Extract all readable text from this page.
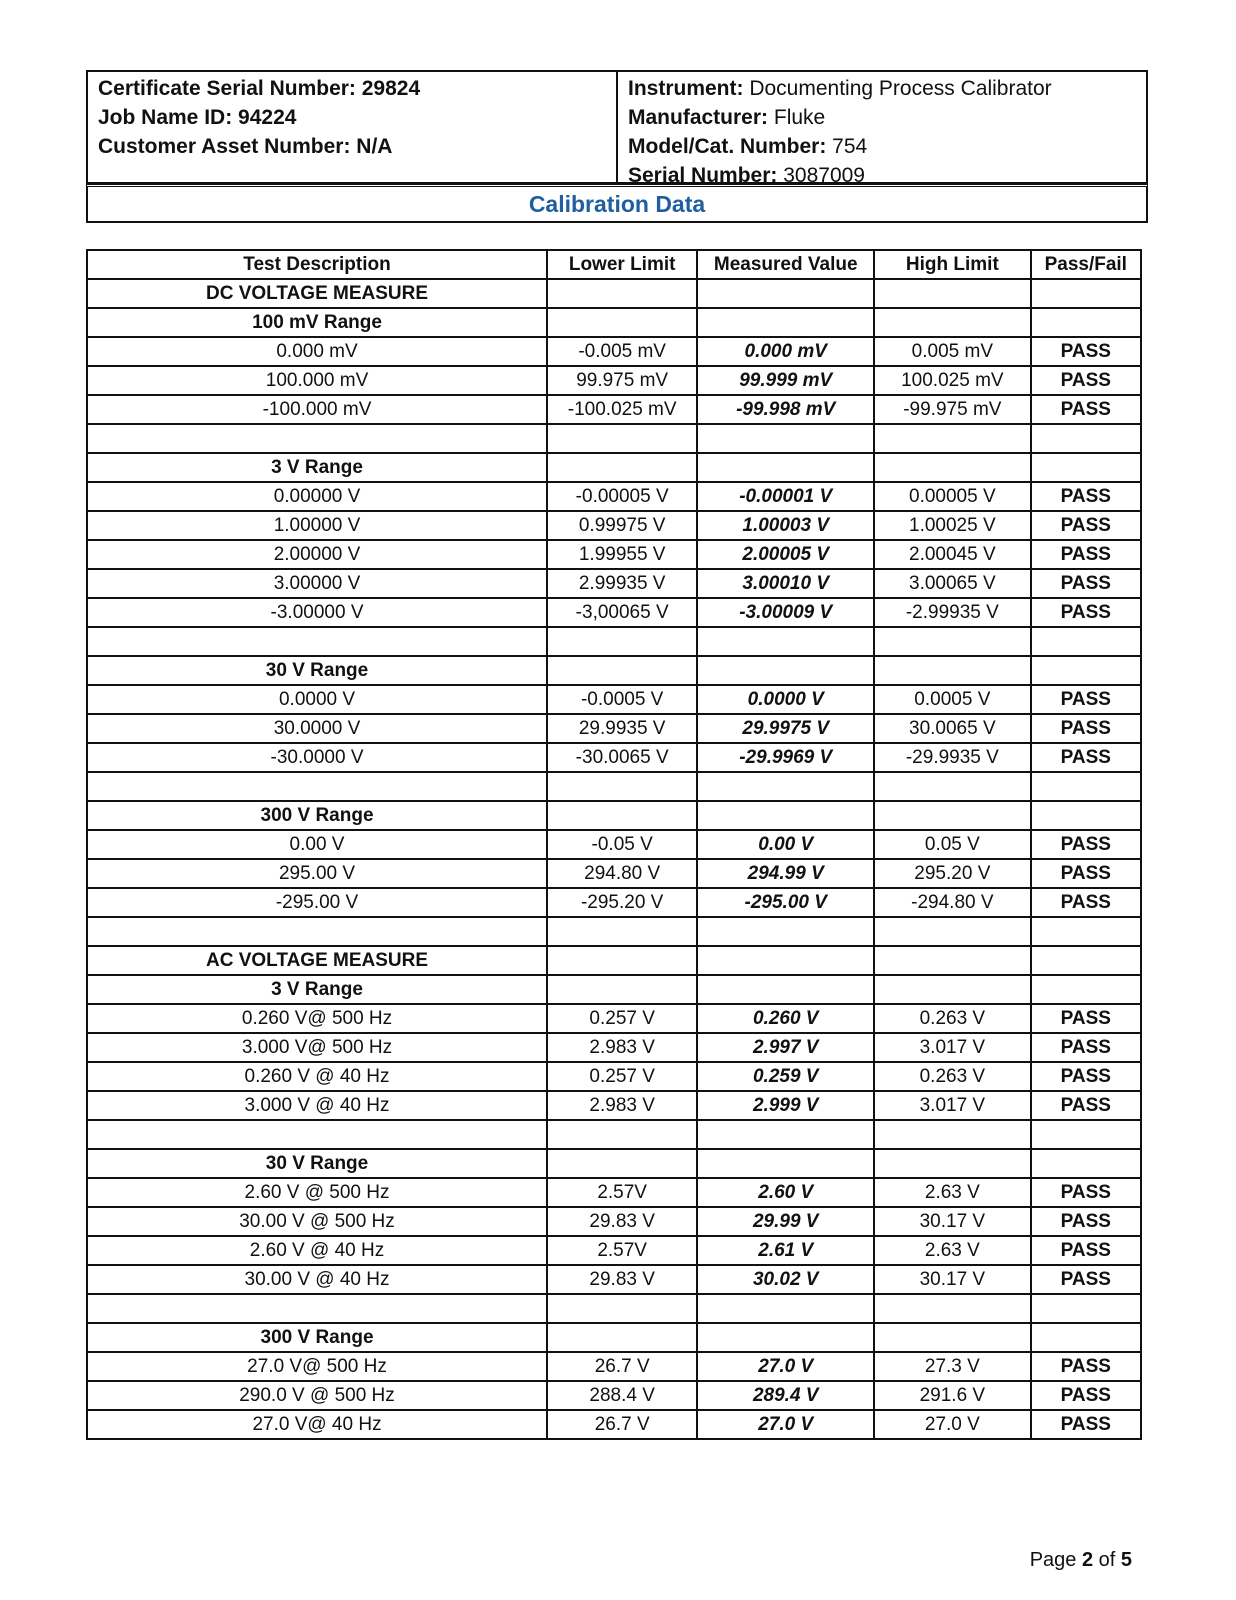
Certificate Serial Number: 29824
Job Name ID: 94224
Customer Asset Number: N/A
Instrument: Documenting Process Calibrator
Manufacturer: Fluke
Model/Cat. Number: 754
Serial Number: 3087009
Calibration Data
Test Description	Lower Limit	Measured Value	High Limit	Pass/Fail
DC VOLTAGE MEASURE				
100 mV Range				
0.000 mV	-0.005 mV	0.000 mV	0.005 mV	PASS
100.000 mV	99.975 mV	99.999 mV	100.025 mV	PASS
-100.000 mV	-100.025 mV	-99.998 mV	-99.975 mV	PASS

3 V Range				
0.00000 V	-0.00005 V	-0.00001 V	0.00005 V	PASS
1.00000 V	0.99975 V	1.00003 V	1.00025 V	PASS
2.00000 V	1.99955 V	2.00005 V	2.00045 V	PASS
3.00000 V	2.99935 V	3.00010 V	3.00065 V	PASS
-3.00000 V	-3,00065 V	-3.00009 V	-2.99935 V	PASS

30 V Range				
0.0000 V	-0.0005 V	0.0000 V	0.0005 V	PASS
30.0000 V	29.9935 V	29.9975 V	30.0065 V	PASS
-30.0000 V	-30.0065 V	-29.9969 V	-29.9935 V	PASS

300 V Range				
0.00 V	-0.05 V	0.00 V	0.05 V	PASS
295.00 V	294.80 V	294.99 V	295.20 V	PASS
-295.00 V	-295.20 V	-295.00 V	-294.80 V	PASS

AC VOLTAGE MEASURE				
3 V Range				
0.260 V@ 500 Hz	0.257 V	0.260 V	0.263 V	PASS
3.000 V@ 500 Hz	2.983 V	2.997 V	3.017 V	PASS
0.260 V @ 40 Hz	0.257 V	0.259 V	0.263 V	PASS
3.000 V @ 40 Hz	2.983 V	2.999 V	3.017 V	PASS

30 V Range				
2.60 V @ 500 Hz	2.57V	2.60 V	2.63 V	PASS
30.00 V @ 500 Hz	29.83 V	29.99 V	30.17 V	PASS
2.60 V @ 40 Hz	2.57V	2.61 V	2.63 V	PASS
30.00 V @ 40 Hz	29.83 V	30.02 V	30.17 V	PASS

300 V Range				
27.0 V@ 500 Hz	26.7 V	27.0 V	27.3 V	PASS
290.0 V @ 500 Hz	288.4 V	289.4 V	291.6 V	PASS
27.0 V@ 40 Hz	26.7 V	27.0 V	27.0 V	PASS
Page 2 of 5
